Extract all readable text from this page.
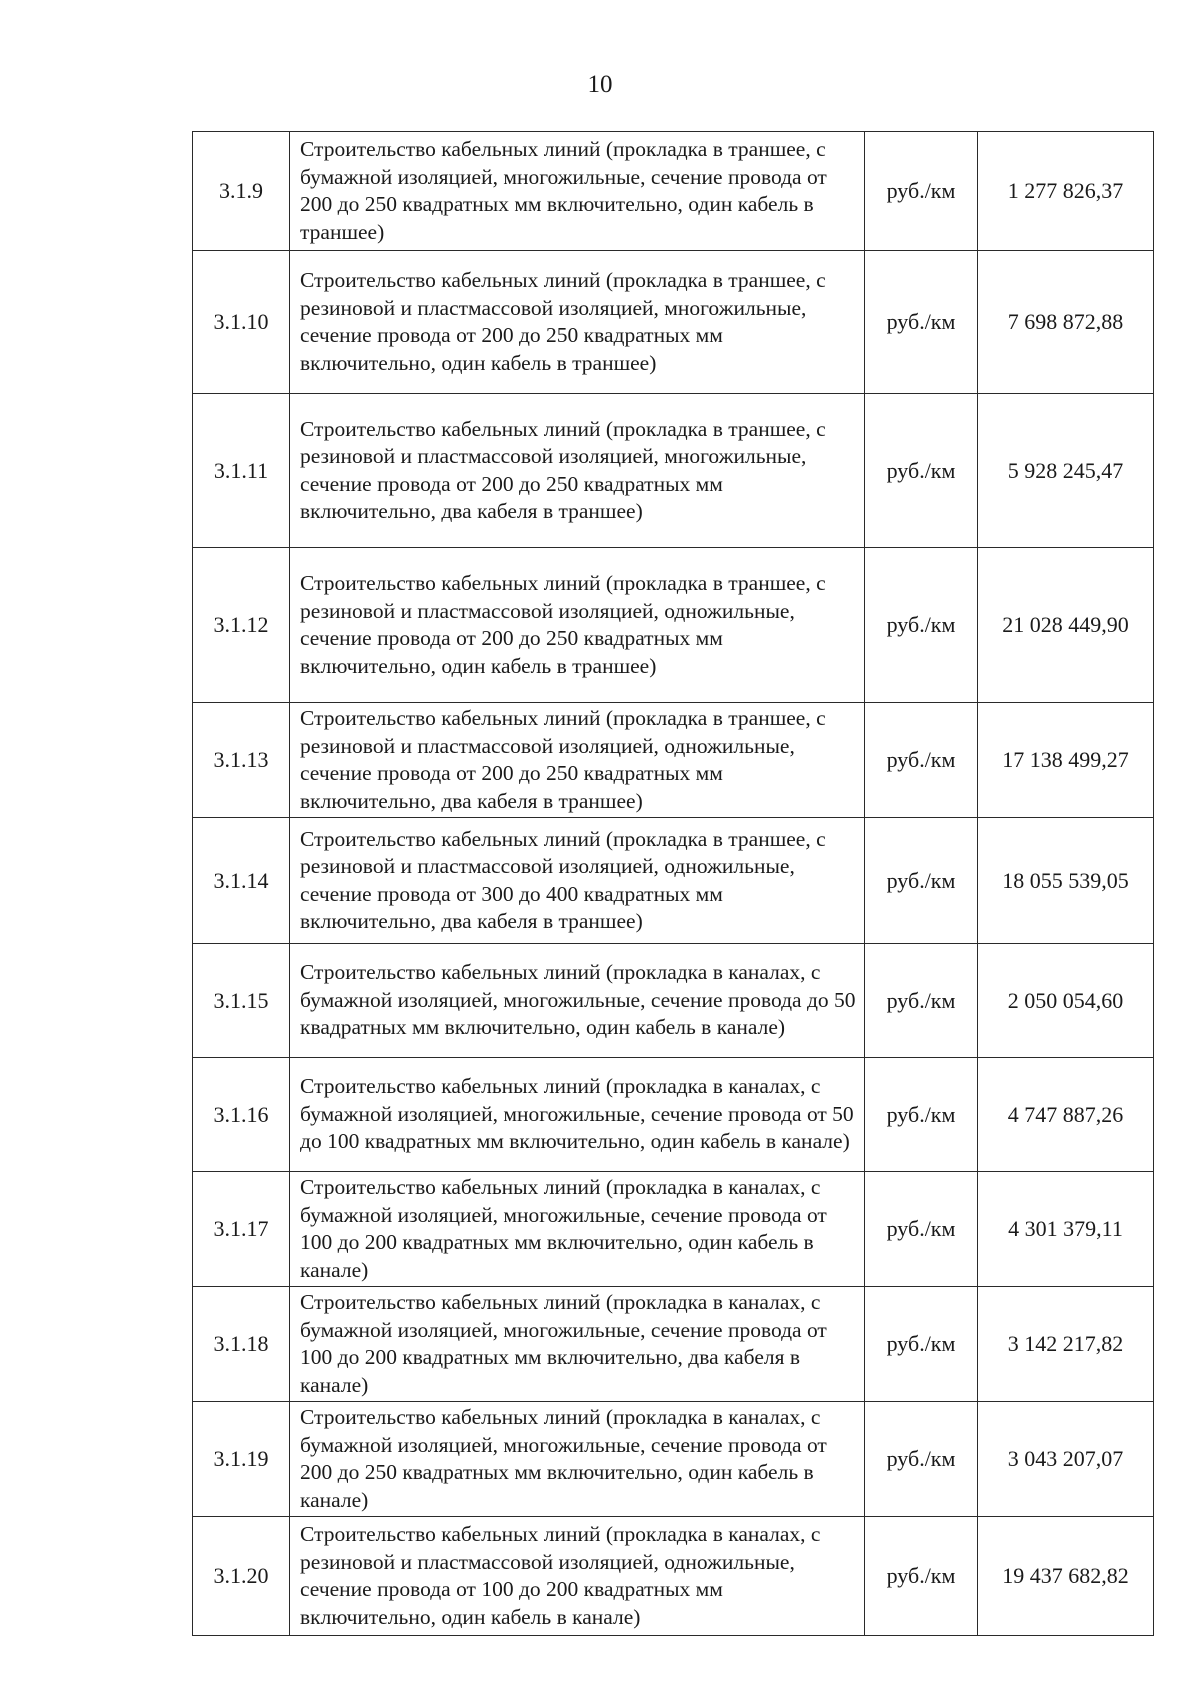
10
3.1.9	Строительство кабельных линий (прокладка в траншее, с бумажной изоляцией, многожильные, сечение провода от 200 до 250 квадратных мм включительно, один кабель в траншее)	руб./км	1 277 826,37
3.1.10	Строительство кабельных линий (прокладка в траншее, с резиновой и пластмассовой изоляцией, многожильные, сечение провода от 200 до 250 квадратных мм включительно, один кабель в траншее)	руб./км	7 698 872,88
3.1.11	Строительство кабельных линий (прокладка в траншее, с резиновой и пластмассовой изоляцией, многожильные, сечение провода от 200 до 250 квадратных мм включительно, два кабеля в траншее)	руб./км	5 928 245,47
3.1.12	Строительство кабельных линий (прокладка в траншее, с резиновой и пластмассовой изоляцией, одножильные, сечение провода от 200 до 250 квадратных мм включительно, один кабель в траншее)	руб./км	21 028 449,90
3.1.13	Строительство кабельных линий (прокладка в траншее, с резиновой и пластмассовой изоляцией, одножильные, сечение провода от 200 до 250 квадратных мм включительно, два кабеля в траншее)	руб./км	17 138 499,27
3.1.14	Строительство кабельных линий (прокладка в траншее, с резиновой и пластмассовой изоляцией, одножильные, сечение провода от 300 до 400 квадратных мм включительно, два кабеля в траншее)	руб./км	18 055 539,05
3.1.15	Строительство кабельных линий (прокладка в каналах, с бумажной изоляцией, многожильные, сечение провода до 50 квадратных мм включительно, один кабель в канале)	руб./км	2 050 054,60
3.1.16	Строительство кабельных линий (прокладка в каналах, с бумажной изоляцией, многожильные, сечение провода от 50 до 100 квадратных мм включительно, один кабель в канале)	руб./км	4 747 887,26
3.1.17	Строительство кабельных линий (прокладка в каналах, с бумажной изоляцией, многожильные, сечение провода от 100 до 200 квадратных мм включительно, один кабель в канале)	руб./км	4 301 379,11
3.1.18	Строительство кабельных линий (прокладка в каналах, с бумажной изоляцией, многожильные, сечение провода от 100 до 200 квадратных мм включительно, два кабеля в канале)	руб./км	3 142 217,82
3.1.19	Строительство кабельных линий (прокладка в каналах, с бумажной изоляцией, многожильные, сечение провода от 200 до 250 квадратных мм включительно, один кабель в канале)	руб./км	3 043 207,07
3.1.20	Строительство кабельных линий (прокладка в каналах, с резиновой и пластмассовой изоляцией, одножильные, сечение провода от 100 до 200 квадратных мм включительно, один кабель в канале)	руб./км	19 437 682,82
